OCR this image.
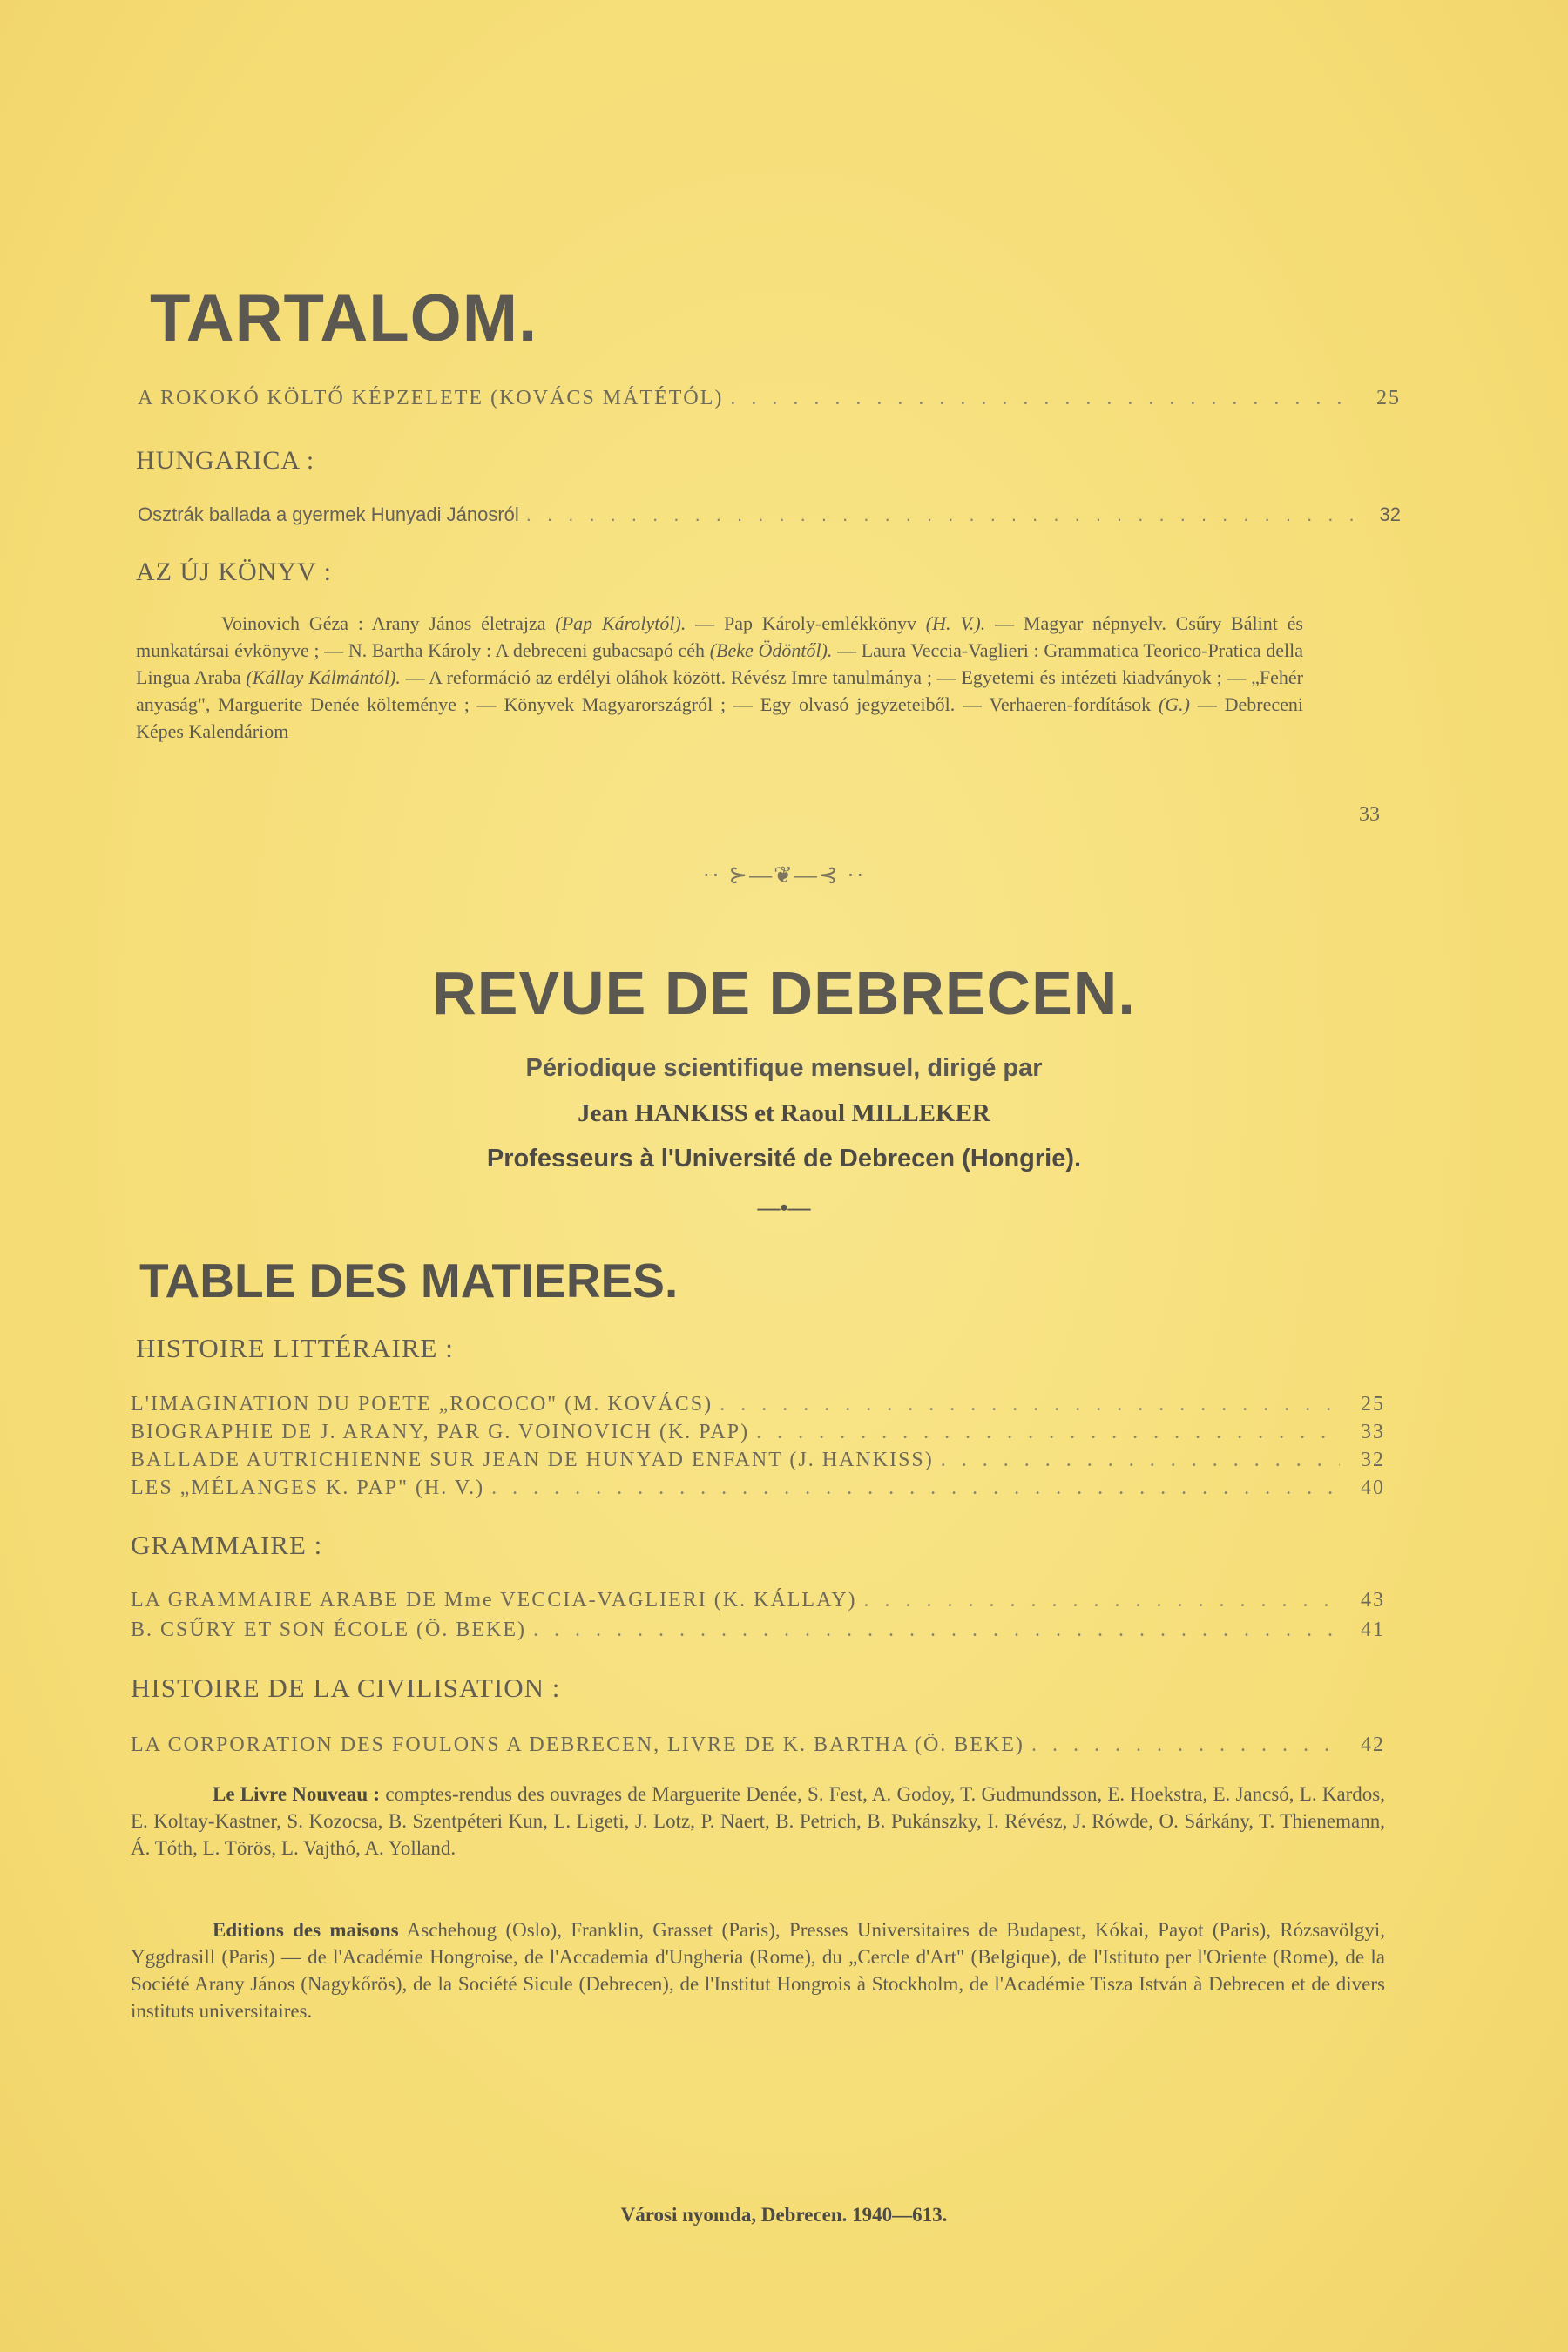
TARTALOM.
A ROKOKÓ KÖLTŐ KÉPZELETE (KOVÁCS MÁTÉTÓL) . . .	25
HUNGARICA :
Osztrák ballada a gyermek Hunyadi Jánosról . . .	32
AZ ÚJ KÖNYV :
Voinovich Géza : Arany János életrajza (Pap Károlytól). — Pap Károly-emlékkönyv (H. V.). — Magyar népnyelv. Csűry Bálint és munkatársai évkönyve ; — N. Bartha Károly : A debreceni gubacsapó céh (Beke Ödöntől). — Laura Veccia-Vaglieri : Grammatica Teorico-Pratica della Lingua Araba (Kállay Kálmántól). — A reformáció az erdélyi oláhok között. Révész Imre tanulmánya ; — Egyetemi és intézeti kiadványok ; — „Fehér anyaság", Marguerite Denée költeménye ; — Könyvek Magyarországról ; — Egy olvasó jegyzeteiből. — Verhaeren-fordítások (G.) — Debreceni Képes Kalendáriom
33
·· ⊱—❦—⊰ ··
REVUE DE DEBRECEN.
Périodique scientifique mensuel, dirigé par
Jean HANKISS et Raoul MILLEKER
Professeurs à l'Université de Debrecen (Hongrie).
—•—
TABLE DES MATIERES.
HISTOIRE LITTÉRAIRE :
L'IMAGINATION DU POETE „ROCOCO" (M. KOVÁCS) . . .	25
BIOGRAPHIE DE J. ARANY, PAR G. VOINOVICH (K. PAP) . . .	33
BALLADE AUTRICHIENNE SUR JEAN DE HUNYAD ENFANT (J. HANKISS) . . .	32
LES „MÉLANGES K. PAP" (H. V.) . . .	40
GRAMMAIRE :
LA GRAMMAIRE ARABE DE Mme VECCIA-VAGLIERI (K. KÁLLAY) . . .	43
B. CSŰRY ET SON ÉCOLE (Ö. BEKE) . . .	41
HISTOIRE DE LA CIVILISATION :
LA CORPORATION DES FOULONS A DEBRECEN, LIVRE DE K. BARTHA (Ö. BEKE) . . .	42
Le Livre Nouveau : comptes-rendus des ouvrages de Marguerite Denée, S. Fest, A. Godoy, T. Gudmundsson, E. Hoekstra, E. Jancsó, L. Kardos, E. Koltay-Kastner, S. Kozocsa, B. Szentpéteri Kun, L. Ligeti, J. Lotz, P. Naert, B. Petrich, B. Pukánszky, I. Révész, J. Rówde, O. Sárkány, T. Thienemann, Á. Tóth, L. Törös, L. Vajthó, A. Yolland.
Editions des maisons Aschehoug (Oslo), Franklin, Grasset (Paris), Presses Universitaires de Budapest, Kókai, Payot (Paris), Rózsavölgyi, Yggdrasill (Paris) — de l'Académie Hongroise, de l'Accademia d'Ungheria (Rome), du „Cercle d'Art" (Belgique), de l'Istituto per l'Oriente (Rome), de la Société Arany János (Nagykőrös), de la Société Sicule (Debrecen), de l'Institut Hongrois à Stockholm, de l'Académie Tisza István à Debrecen et de divers instituts universitaires.
Városi nyomda, Debrecen. 1940—613.
